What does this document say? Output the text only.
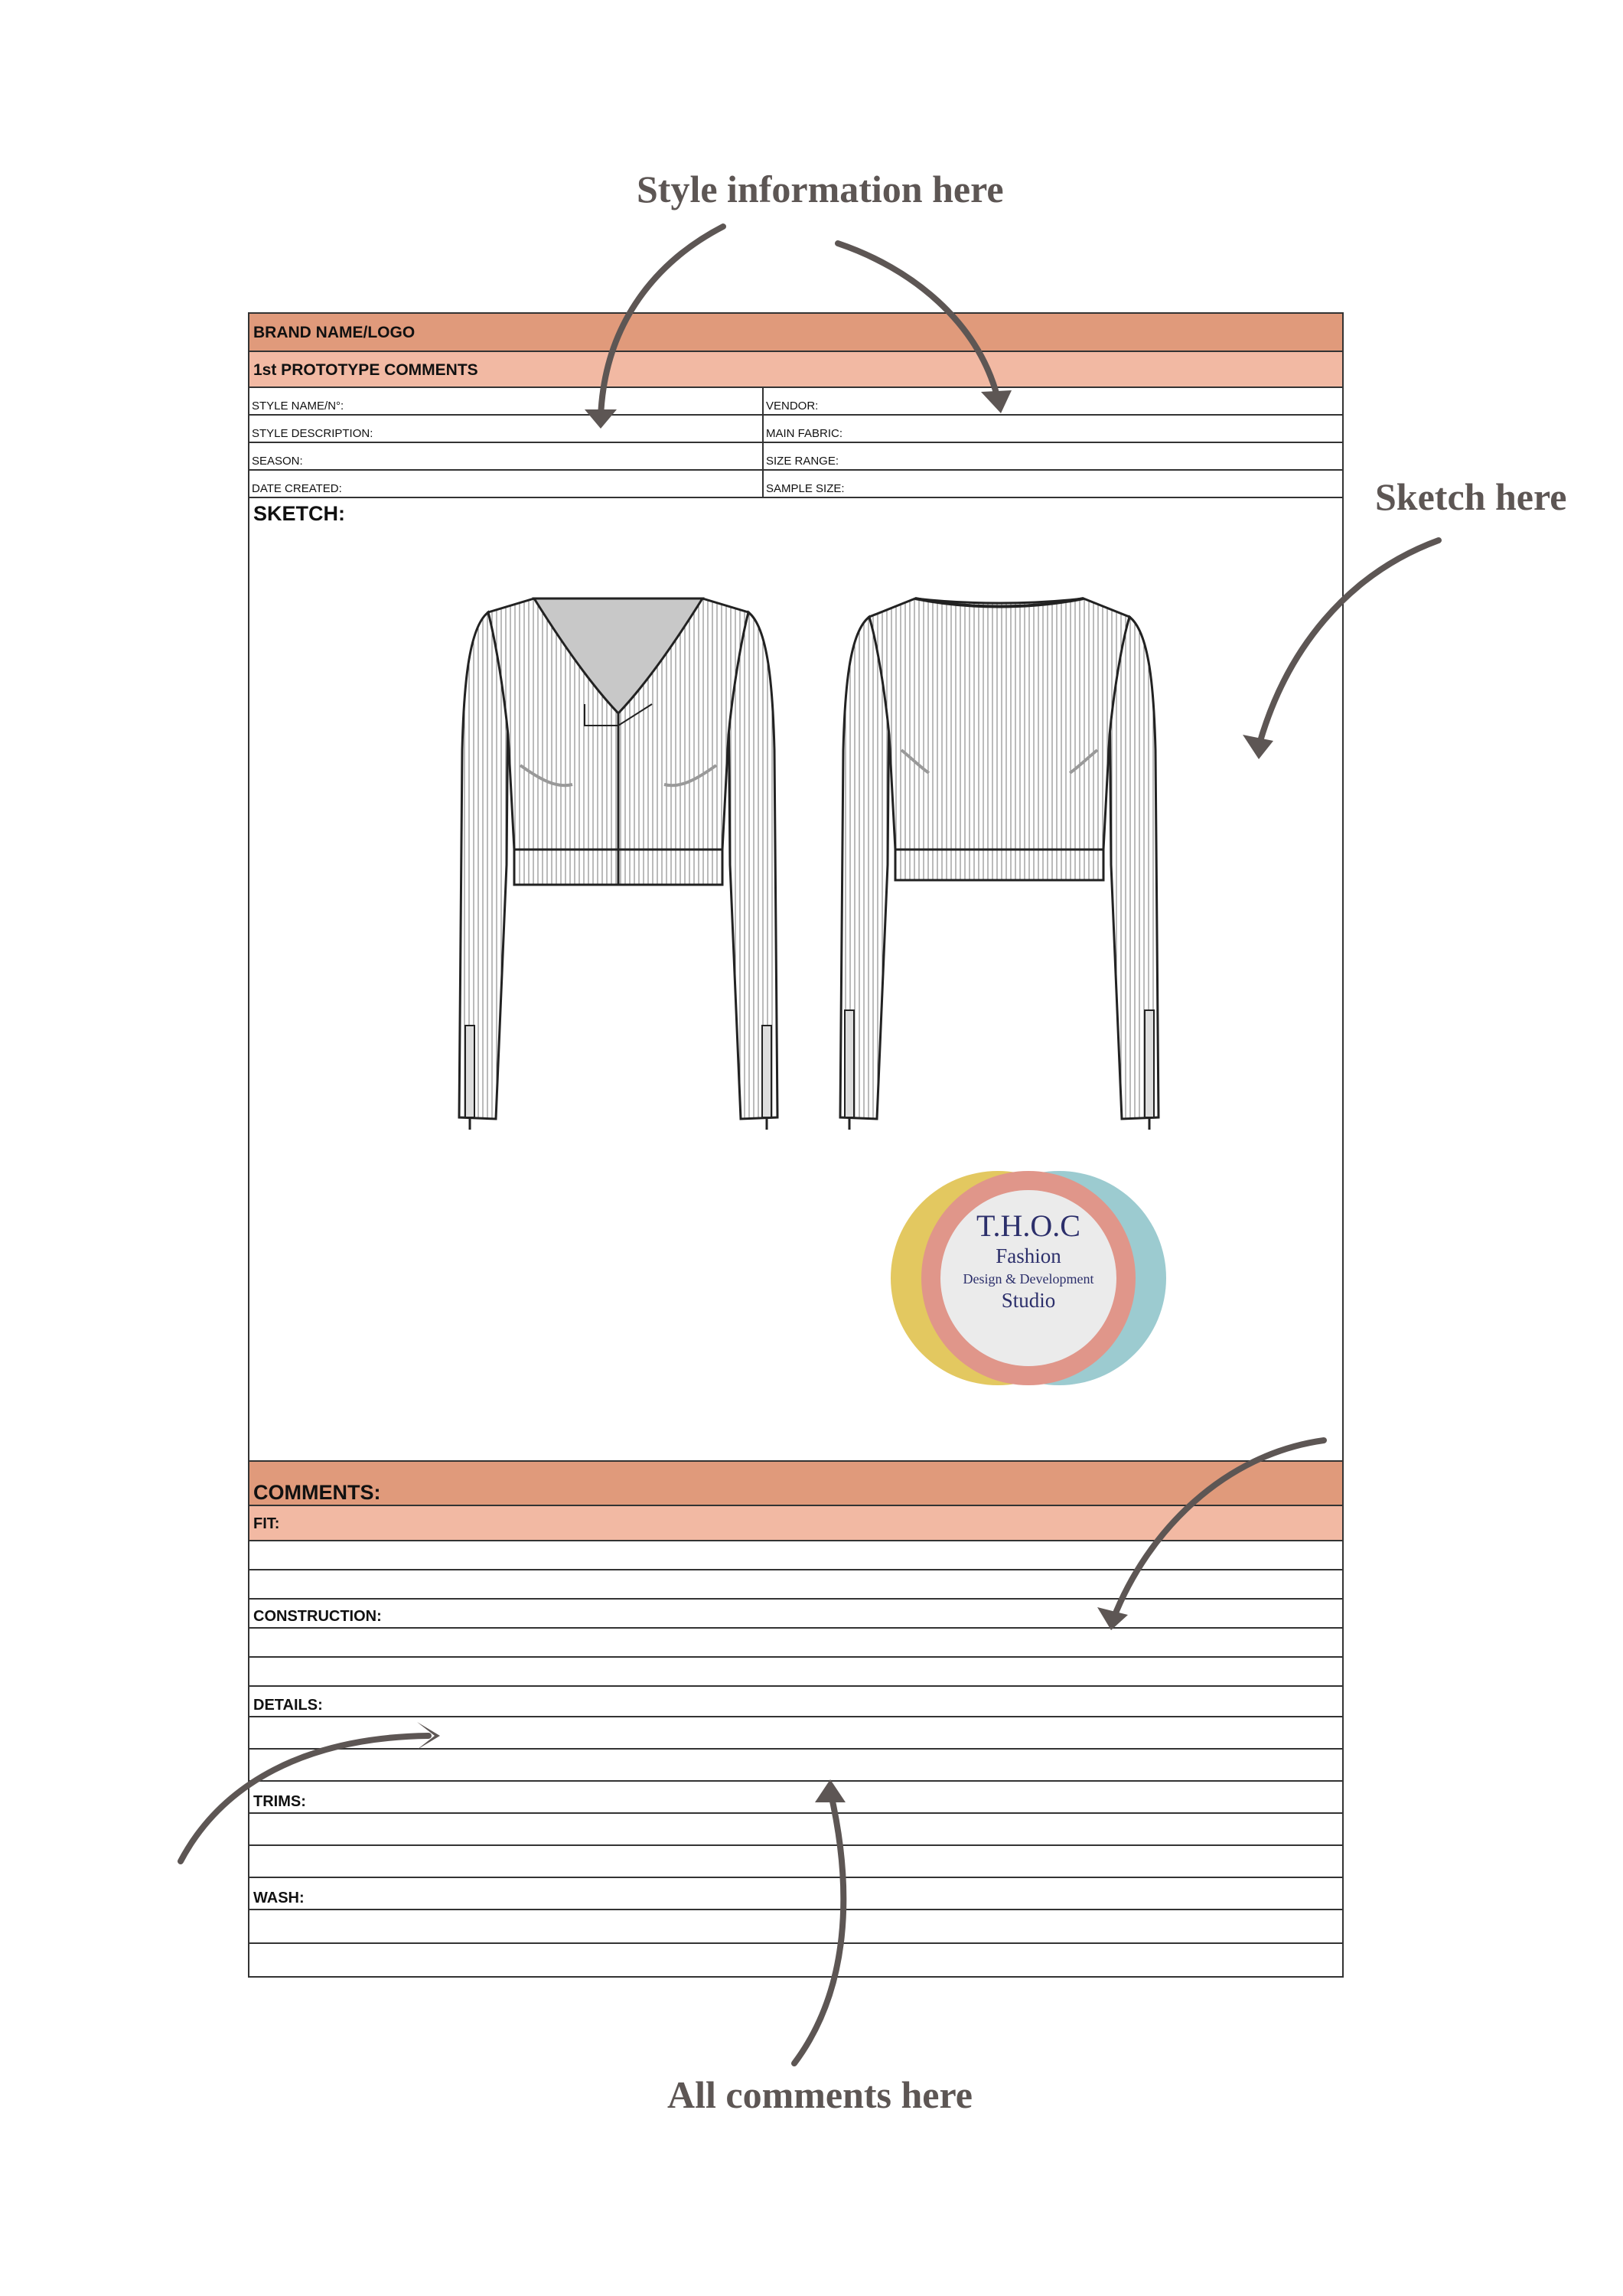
Style information here
Sketch here
All comments here
BRAND NAME/LOGO
1st PROTOTYPE COMMENTS
STYLE NAME/N°:	VENDOR:
STYLE DESCRIPTION:	MAIN FABRIC:
SEASON:	SIZE RANGE:
DATE CREATED:	SAMPLE SIZE:
SKETCH:
T.H.O.C
Fashion
Design & Development
Studio
COMMENTS:
FIT:
CONSTRUCTION:
DETAILS:
TRIMS:
WASH:
